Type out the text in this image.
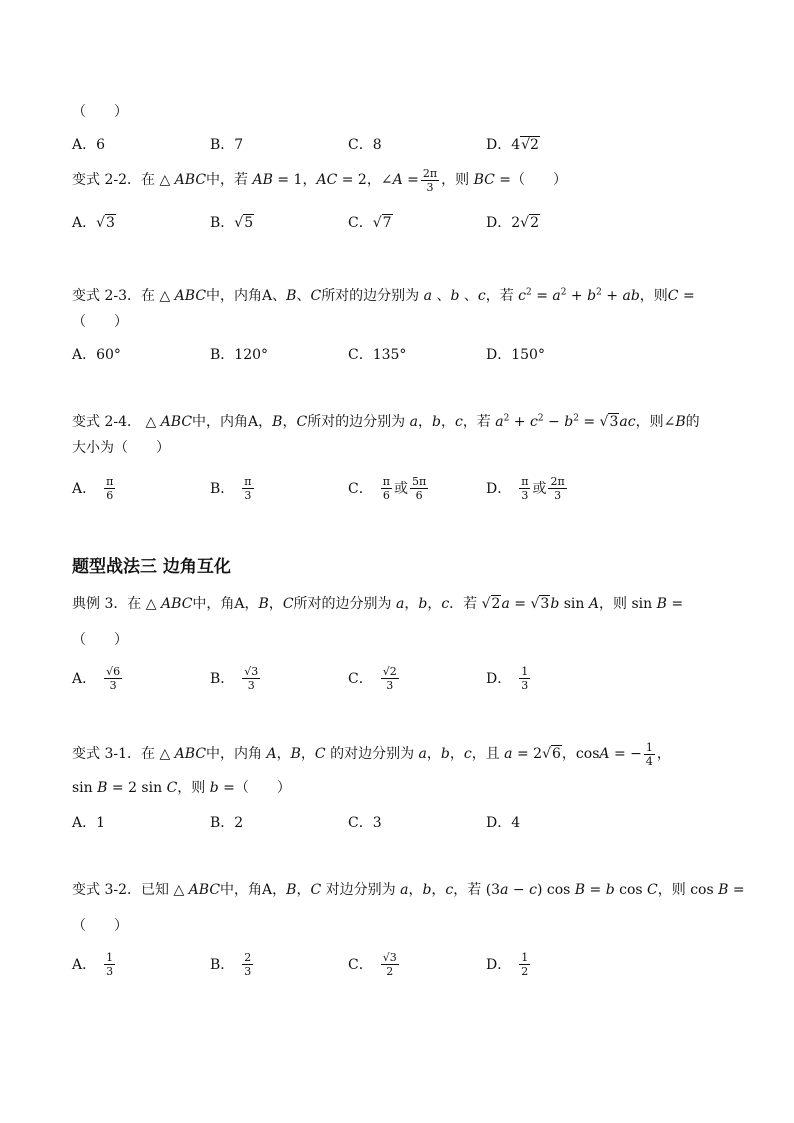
（　　）
A．6	B．7	C．8	D．4√2
变式 2-2．在 △ ABC中，若 AB = 1，AC = 2，∠A = $\frac{2\pi}{3}$ ，则 BC =（　　）
A．√3	B．√5	C．√7	D．2√2
变式 2-3．在 △ ABC中，内角A、B、C所对的边分别为 a 、b 、c，若 $c^2 = a^2 + b^2$ + ab，则C =
（　　）
A．60°	B．120°	C．135°	D．150°
变式 2-4． △ ABC中，内角A，B，C所对的边分别为 a，b，c，若 $a^2 + c^2 - b^2 = √3ac$，则∠B的
大小为（　　）
A． $\frac{\pi}{6}$	B． $\frac{\pi}{3}$	C． $\frac{\pi}{6}$ 或 $\frac{5\pi}{6}$	D． $\frac{\pi}{3}$ 或 $\frac{2\pi}{3}$
题型战法三 边角互化
典例 3．在 △ ABC中，角A，B，C所对的边分别为 a，b，c．若 √2a = √3b sin A，则 sin B =
（　　）
A． $\frac{√6}{3}$	B． $\frac{√3}{3}$	C． $\frac{√2}{3}$	D． $\frac{1}{3}$
变式 3-1．在 △ ABC中，内角 A，B，C 的对边分别为 a，b，c，且 a = 2√6，cosA = − $\frac{1}{4}$ ，
sin B = 2 sin C，则 b =（　　）
A．1	B．2	C．3	D．4
变式 3-2．已知 △ ABC中，角A，B，C 对边分别为 a，b，c，若 (3a − c) cos B = b cos C，则 cos B =
（　　）
A． $\frac{1}{3}$	B． $\frac{2}{3}$	C． $\frac{√3}{2}$	D． $\frac{1}{2}$
